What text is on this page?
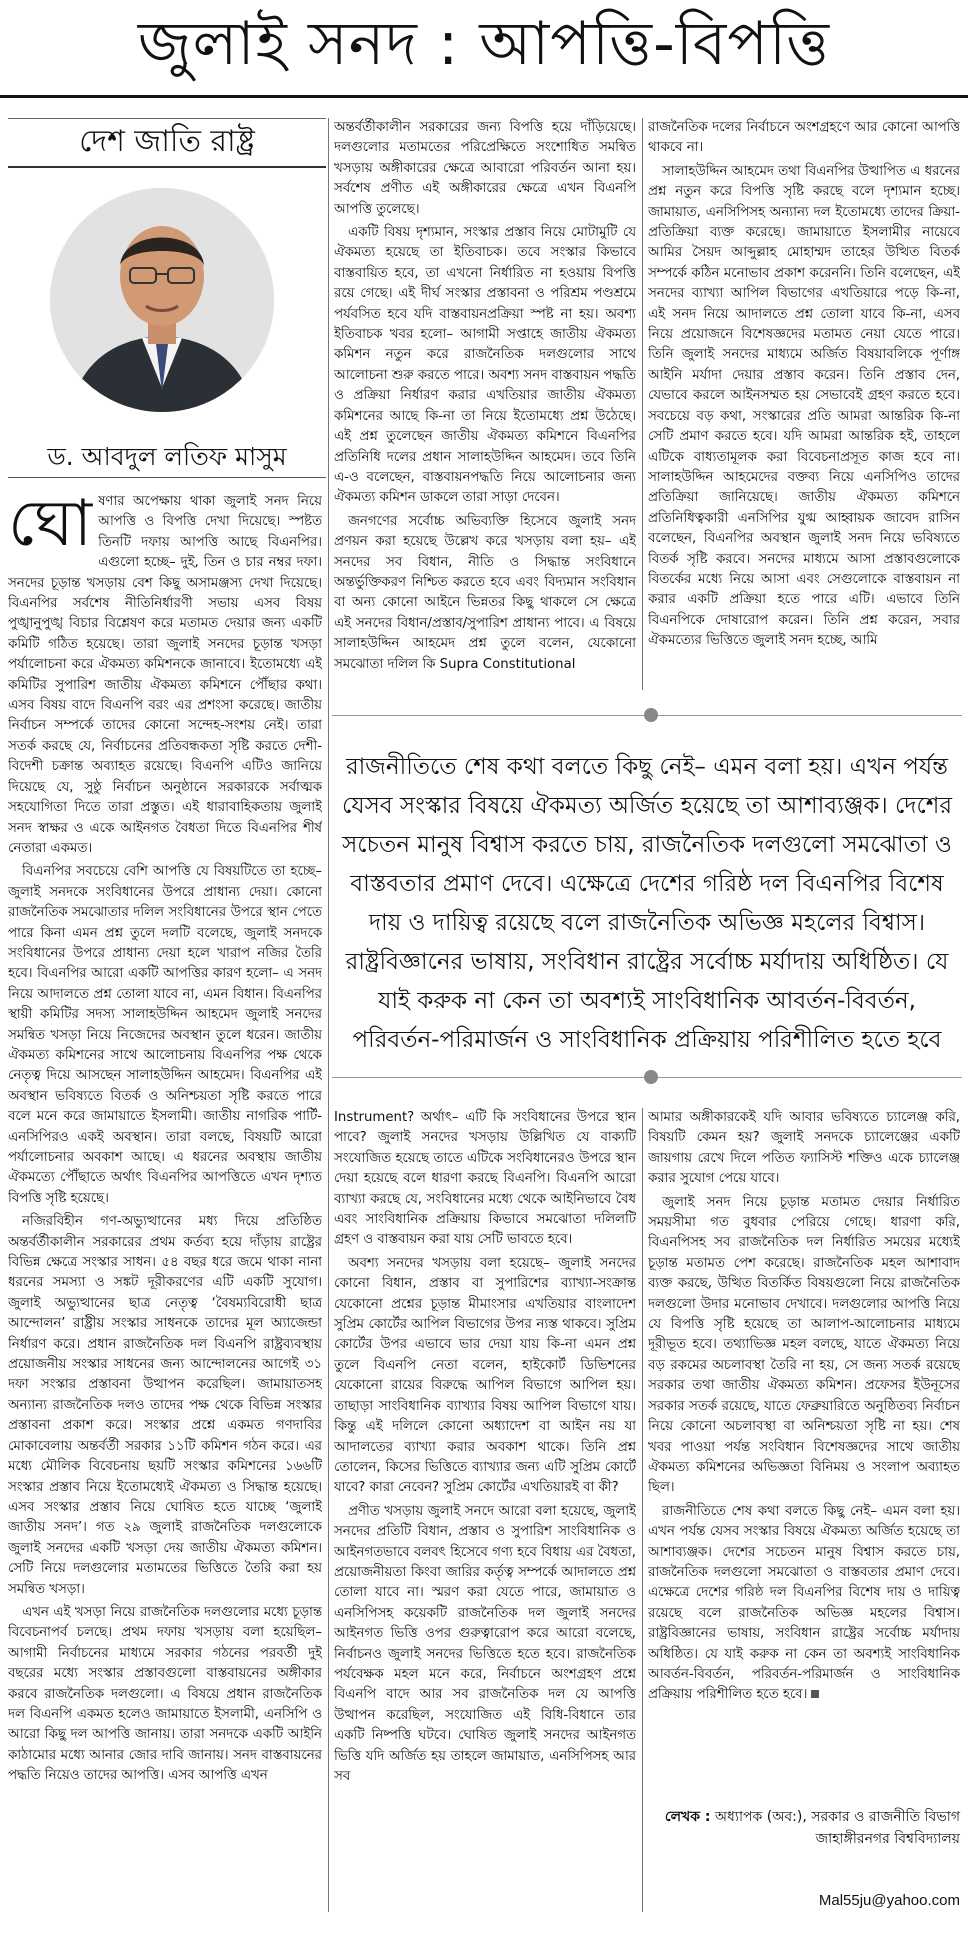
জুলাই সনদ : আপত্তি-বিপত্তি
দেশ জাতি রাষ্ট্র
ড. আবদুল লতিফ মাসুম

ঘোষণার অপেক্ষায় থাকা জুলাই সনদ নিয়ে আপত্তি ও বিপত্তি দেখা দিয়েছে। স্পষ্টত তিনটি দফায় আপত্তি আছে বিএনপির। এগুলো হচ্ছে– দুই, তিন ও চার নম্বর দফা। সনদের চূড়ান্ত খসড়ায় বেশ কিছু অসামঞ্জস্য দেখা দিয়েছে। বিএনপির সর্বশেষ নীতিনির্ধারণী সভায় এসব বিষয় পুঙ্খানুপুঙ্খ বিচার বিশ্লেষণ করে মতামত দেয়ার জন্য একটি কমিটি গঠিত হয়েছে। তারা জুলাই সনদের চূড়ান্ত খসড়া পর্যালোচনা করে ঐকমত্য কমিশনকে জানাবে। ইতোমধ্যে এই কমিটির সুপারিশ জাতীয় ঐকমত্য কমিশনে পৌঁছার কথা। এসব বিষয় বাদে বিএনপি বরং এর প্রশংসা করেছে। জাতীয় নির্বাচন সম্পর্কে তাদের কোনো সন্দেহ-সংশয় নেই। তারা সতর্ক করছে যে, নির্বাচনের প্রতিবন্ধকতা সৃষ্টি করতে দেশী-বিদেশী চক্রান্ত অব্যাহত রয়েছে। বিএনপি এটিও জানিয়ে দিয়েছে যে, সুষ্ঠু নির্বাচন অনুষ্ঠানে সরকারকে সর্বাত্মক সহযোগিতা দিতে তারা প্রস্তুত। এই ধারাবাহিকতায় জুলাই সনদ স্বাক্ষর ও একে আইনগত বৈধতা দিতে বিএনপির শীর্ষ নেতারা একমত।

বিএনপির সবচেয়ে বেশি আপত্তি যে বিষয়টিতে তা হচ্ছে– জুলাই সনদকে সংবিধানের উপরে প্রাধান্য দেয়া। কোনো রাজনৈতিক সমঝোতার দলিল সংবিধানের উপরে স্থান পেতে পারে কিনা এমন প্রশ্ন তুলে দলটি বলেছে, জুলাই সনদকে সংবিধানের উপরে প্রাধান্য দেয়া হলে খারাপ নজির তৈরি হবে। বিএনপির আরো একটি আপত্তির কারণ হলো– এ সনদ নিয়ে আদালতে প্রশ্ন তোলা যাবে না, এমন বিধান। বিএনপির স্থায়ী কমিটির সদস্য সালাহউদ্দিন আহমেদ জুলাই সনদের সমন্বিত খসড়া নিয়ে নিজেদের অবস্থান তুলে ধরেন। জাতীয় ঐকমত্য কমিশনের সাথে আলোচনায় বিএনপির পক্ষ থেকে নেতৃত্ব দিয়ে আসছেন সালাহউদ্দিন আহমেদ। বিএনপির এই অবস্থান ভবিষ্যতে বিতর্ক ও অনিশ্চয়তা সৃষ্টি করতে পারে বলে মনে করে জামায়াতে ইসলামী। জাতীয় নাগরিক পার্টি-এনসিপিরও একই অবস্থান। তারা বলছে, বিষয়টি আরো পর্যালোচনার অবকাশ আছে। এ ধরনের অবস্থায় জাতীয় ঐকমত্যে পৌঁছাতে অর্থাৎ বিএনপির আপত্তিতে এখন দৃশ্যত বিপত্তি সৃষ্টি হয়েছে।

নজিরবিহীন গণ-অভ্যুত্থানের মধ্য দিয়ে প্রতিষ্ঠিত অন্তর্বর্তীকালীন সরকারের প্রথম কর্তব্য হয়ে দাঁড়ায় রাষ্ট্রের বিভিন্ন ক্ষেত্রে সংস্কার সাধন। ৫৪ বছর ধরে জমে থাকা নানা ধরনের সমস্যা ও সঙ্কট দূরীকরণের এটি একটি সুযোগ। জুলাই অভ্যুত্থানের ছাত্র নেতৃত্ব ‘বৈষম্যবিরোধী ছাত্র আন্দোলন’ রাষ্ট্রীয় সংস্কার সাধনকে তাদের মূল অ্যাজেন্ডা নির্ধারণ করে। প্রধান রাজনৈতিক দল বিএনপি রাষ্ট্রব্যবস্থায় প্রয়োজনীয় সংস্কার সাধনের জন্য আন্দোলনের আগেই ৩১ দফা সংস্কার প্রস্তাবনা উত্থাপন করেছিল। জামায়াতসহ অন্যান্য রাজনৈতিক দলও তাদের পক্ষ থেকে বিভিন্ন সংস্কার প্রস্তাবনা প্রকাশ করে। সংস্কার প্রশ্নে একমত গণদাবির মোকাবেলায় অন্তর্বর্তী সরকার ১১টি কমিশন গঠন করে। এর মধ্যে মৌলিক বিবেচনায় ছয়টি সংস্কার কমিশনের ১৬৬টি সংস্কার প্রস্তাব নিয়ে ইতোমধ্যেই ঐকমত্য ও সিদ্ধান্ত হয়েছে। এসব সংস্কার প্রস্তাব নিয়ে ঘোষিত হতে যাচ্ছে ‘জুলাই জাতীয় সনদ’। গত ২৯ জুলাই রাজনৈতিক দলগুলোকে জুলাই সনদের একটি খসড়া দেয় জাতীয় ঐকমত্য কমিশন। সেটি নিয়ে দলগুলোর মতামতের ভিত্তিতে তৈরি করা হয় সমন্বিত খসড়া।

এখন এই খসড়া নিয়ে রাজনৈতিক দলগুলোর মধ্যে চূড়ান্ত বিবেচনাপর্ব চলছে। প্রথম দফায় খসড়ায় বলা হয়েছিল– আগামী নির্বাচনের মাধ্যমে সরকার গঠনের পরবর্তী দুই বছরের মধ্যে সংস্কার প্রস্তাবগুলো বাস্তবায়নের অঙ্গীকার করবে রাজনৈতিক দলগুলো। এ বিষয়ে প্রধান রাজনৈতিক দল বিএনপি একমত হলেও জামায়াতে ইসলামী, এনসিপি ও আরো কিছু দল আপত্তি জানায়। তারা সনদকে একটি আইনি কাঠামোর মধ্যে আনার জোর দাবি জানায়। সনদ বাস্তবায়নের পদ্ধতি নিয়েও তাদের আপত্তি। এসব আপত্তি এখন

অন্তর্বর্তীকালীন সরকারের জন্য বিপত্তি হয়ে দাঁড়িয়েছে। দলগুলোর মতামতের পরিপ্রেক্ষিতে সংশোধিত সমন্বিত খসড়ায় অঙ্গীকারের ক্ষেত্রে আবারো পরিবর্তন আনা হয়। সর্বশেষ প্রণীত এই অঙ্গীকারের ক্ষেত্রে এখন বিএনপি আপত্তি তুলেছে।

একটি বিষয় দৃশ্যমান, সংস্কার প্রস্তাব নিয়ে মোটামুটি যে ঐকমত্য হয়েছে তা ইতিবাচক। তবে সংস্কার কিভাবে বাস্তবায়িত হবে, তা এখনো নির্ধারিত না হওয়ায় বিপত্তি রয়ে গেছে। এই দীর্ঘ সংস্কার প্রস্তাবনা ও পরিশ্রম পণ্ডশ্রমে পর্যবসিত হবে যদি বাস্তবায়নপ্রক্রিয়া স্পষ্ট না হয়। অবশ্য ইতিবাচক খবর হলো– আগামী সপ্তাহে জাতীয় ঐকমত্য কমিশন নতুন করে রাজনৈতিক দলগুলোর সাথে আলোচনা শুরু করতে পারে। অবশ্য সনদ বাস্তবায়ন পদ্ধতি ও প্রক্রিয়া নির্ধারণ করার এখতিয়ার জাতীয় ঐকমত্য কমিশনের আছে কি-না তা নিয়ে ইতোমধ্যে প্রশ্ন উঠেছে। এই প্রশ্ন তুলেছেন জাতীয় ঐকমত্য কমিশনে বিএনপির প্রতিনিধি দলের প্রধান সালাহউদ্দিন আহমেদ। তবে তিনি এ-ও বলেছেন, বাস্তবায়নপদ্ধতি নিয়ে আলোচনার জন্য ঐকমত্য কমিশন ডাকলে তারা সাড়া দেবেন।

জনগণের সর্বোচ্চ অভিব্যক্তি হিসেবে জুলাই সনদ প্রণয়ন করা হয়েছে উল্লেখ করে খসড়ায় বলা হয়– এই সনদের সব বিধান, নীতি ও সিদ্ধান্ত সংবিধানে অন্তর্ভুক্তিকরণ নিশ্চিত করতে হবে এবং বিদ্যমান সংবিধান বা অন্য কোনো আইনে ভিন্নতর কিছু থাকলে সে ক্ষেত্রে এই সনদের বিধান/প্রস্তাব/সুপারিশ প্রাধান্য পাবে। এ বিষয়ে সালাহউদ্দিন আহমেদ প্রশ্ন তুলে বলেন, যেকোনো সমঝোতা দলিল কি Supra Constitutional

রাজনৈতিক দলের নির্বাচনে অংশগ্রহণে আর কোনো আপত্তি থাকবে না।

সালাহউদ্দিন আহমেদ তথা বিএনপির উত্থাপিত এ ধরনের প্রশ্ন নতুন করে বিপত্তি সৃষ্টি করছে বলে দৃশ্যমান হচ্ছে। জামায়াত, এনসিপিসহ অন্যান্য দল ইতোমধ্যে তাদের ক্রিয়া-প্রতিক্রিয়া ব্যক্ত করেছে। জামায়াতে ইসলামীর নায়েবে আমির সৈয়দ আব্দুল্লাহ মোহাম্মদ তাহের উত্থিত বিতর্ক সম্পর্কে কঠিন মনোভাব প্রকাশ করেননি। তিনি বলেছেন, এই সনদের ব্যাখ্যা আপিল বিভাগের এখতিয়ারে পড়ে কি-না, এই সনদ নিয়ে আদালতে প্রশ্ন তোলা যাবে কি-না, এসব নিয়ে প্রয়োজনে বিশেষজ্ঞদের মতামত নেয়া যেতে পারে। তিনি জুলাই সনদের মাধ্যমে অর্জিত বিষয়াবলিকে পূর্ণাঙ্গ আইনি মর্যাদা দেয়ার প্রস্তাব করেন। তিনি প্রস্তাব দেন, যেভাবে করলে আইনসম্মত হয় সেভাবেই গ্রহণ করতে হবে। সবচেয়ে বড় কথা, সংস্কারের প্রতি আমরা আন্তরিক কি-না সেটি প্রমাণ করতে হবে। যদি আমরা আন্তরিক হই, তাহলে এটিকে বাধ্যতামূলক করা বিবেচনাপ্রসূত কাজ হবে না। সালাহউদ্দিন আহমেদের বক্তব্য নিয়ে এনসিপিও তাদের প্রতিক্রিয়া জানিয়েছে। জাতীয় ঐকমত্য কমিশনে প্রতিনিধিত্বকারী এনসিপির যুগ্ম আহ্বায়ক জাবেদ রাসিন বলেছেন, বিএনপির অবস্থান জুলাই সনদ নিয়ে ভবিষ্যতে বিতর্ক সৃষ্টি করবে। সনদের মাধ্যমে আসা প্রস্তাবগুলোকে বিতর্কের মধ্যে নিয়ে আসা এবং সেগুলোকে বাস্তবায়ন না করার একটি প্রক্রিয়া হতে পারে এটি। এভাবে তিনি বিএনপিকে দোষারোপ করেন। তিনি প্রশ্ন করেন, সবার ঐকমত্যের ভিত্তিতে জুলাই সনদ হচ্ছে, আমি

রাজনীতিতে শেষ কথা বলতে কিছু নেই– এমন বলা হয়। এখন পর্যন্ত যেসব সংস্কার বিষয়ে ঐকমত্য অর্জিত হয়েছে তা আশাব্যঞ্জক। দেশের সচেতন মানুষ বিশ্বাস করতে চায়, রাজনৈতিক দলগুলো সমঝোতা ও বাস্তবতার প্রমাণ দেবে। এক্ষেত্রে দেশের গরিষ্ঠ দল বিএনপির বিশেষ দায় ও দায়িত্ব রয়েছে বলে রাজনৈতিক অভিজ্ঞ মহলের বিশ্বাস। রাষ্ট্রবিজ্ঞানের ভাষায়, সংবিধান রাষ্ট্রের সর্বোচ্চ মর্যাদায় অধিষ্ঠিত। যে যাই করুক না কেন তা অবশ্যই সাংবিধানিক আবর্তন-বিবর্তন, পরিবর্তন-পরিমার্জন ও সাংবিধানিক প্রক্রিয়ায় পরিশীলিত হতে হবে

Instrument? অর্থাৎ– এটি কি সংবিধানের উপরে স্থান পাবে? জুলাই সনদের খসড়ায় উল্লিখিত যে বাক্যটি সংযোজিত হয়েছে তাতে এটিকে সংবিধানেরও উপরে স্থান দেয়া হয়েছে বলে ধারণা করছে বিএনপি। বিএনপি আরো ব্যাখ্যা করছে যে, সংবিধানের মধ্যে থেকে আইনিভাবে বৈধ এবং সাংবিধানিক প্রক্রিয়ায় কিভাবে সমঝোতা দলিলটি গ্রহণ ও বাস্তবায়ন করা যায় সেটি ভাবতে হবে।

অবশ্য সনদের খসড়ায় বলা হয়েছে– জুলাই সনদের কোনো বিধান, প্রস্তাব বা সুপারিশের ব্যাখ্যা-সংক্রান্ত যেকোনো প্রশ্নের চূড়ান্ত মীমাংসার এখতিয়ার বাংলাদেশ সুপ্রিম কোর্টের আপিল বিভাগের উপর ন্যস্ত থাকবে। সুপ্রিম কোর্টের উপর এভাবে ভার দেয়া যায় কি-না এমন প্রশ্ন তুলে বিএনপি নেতা বলেন, হাইকোর্ট ডিভিশনের যেকোনো রায়ের বিরুদ্ধে আপিল বিভাগে আপিল হয়। তাছাড়া সাংবিধানিক ব্যাখ্যার বিষয় আপিল বিভাগে যায়। কিন্তু এই দলিলে কোনো অধ্যাদেশ বা আইন নয় যা আদালতের ব্যাখ্যা করার অবকাশ থাকে। তিনি প্রশ্ন তোলেন, কিসের ভিত্তিতে ব্যাখ্যার জন্য এটি সুপ্রিম কোর্টে যাবে? কারা নেবেন? সুপ্রিম কোর্টের এখতিয়ারই বা কী?

প্রণীত খসড়ায় জুলাই সনদে আরো বলা হয়েছে, জুলাই সনদের প্রতিটি বিধান, প্রস্তাব ও সুপারিশ সাংবিধানিক ও আইনগতভাবে বলবৎ হিসেবে গণ্য হবে বিধায় এর বৈধতা, প্রয়োজনীয়তা কিংবা জারির কর্তৃত্ব সম্পর্কে আদালতে প্রশ্ন তোলা যাবে না। স্মরণ করা যেতে পারে, জামায়াত ও এনসিপিসহ কয়েকটি রাজনৈতিক দল জুলাই সনদের আইনগত ভিত্তি ওপর গুরুত্বারোপ করে আরো বলেছে, নির্বাচনও জুলাই সনদের ভিত্তিতে হতে হবে। রাজনৈতিক পর্যবেক্ষক মহল মনে করে, নির্বাচনে অংশগ্রহণ প্রশ্নে বিএনপি বাদে আর সব রাজনৈতিক দল যে আপত্তি উত্থাপন করেছিল, সংযোজিত এই বিধি-বিধানে তার একটি নিষ্পত্তি ঘটবে। ঘোষিত জুলাই সনদের আইনগত ভিত্তি যদি অর্জিত হয় তাহলে জামায়াত, এনসিপিসহ আর সব

আমার অঙ্গীকারকেই যদি আবার ভবিষ্যতে চ্যালেঞ্জ করি, বিষয়টি কেমন হয়? জুলাই সনদকে চ্যালেঞ্জের একটি জায়গায় রেখে দিলে পতিত ফ্যাসিস্ট শক্তিও একে চ্যালেঞ্জ করার সুযোগ পেয়ে যাবে।

জুলাই সনদ নিয়ে চূড়ান্ত মতামত দেয়ার নির্ধারিত সময়সীমা গত বুধবার পেরিয়ে গেছে। ধারণা করি, বিএনপিসহ সব রাজনৈতিক দল নির্ধারিত সময়ের মধ্যেই চূড়ান্ত মতামত পেশ করেছে। রাজনৈতিক মহল আশাবাদ ব্যক্ত করছে, উত্থিত বিতর্কিত বিষয়গুলো নিয়ে রাজনৈতিক দলগুলো উদার মনোভাব দেখাবে। দলগুলোর আপত্তি নিয়ে যে বিপত্তি সৃষ্টি হয়েছে তা আলাপ-আলোচনার মাধ্যমে দূরীভূত হবে। তথ্যাভিজ্ঞ মহল বলছে, যাতে ঐকমত্য নিয়ে বড় রকমের অচলাবস্থা তৈরি না হয়, সে জন্য সতর্ক রয়েছে সরকার তথা জাতীয় ঐকমত্য কমিশন। প্রফেসর ইউনূসের সরকার সতর্ক রয়েছে, যাতে ফেব্রুয়ারিতে অনুষ্ঠিতব্য নির্বাচন নিয়ে কোনো অচলাবস্থা বা অনিশ্চয়তা সৃষ্টি না হয়। শেষ খবর পাওয়া পর্যন্ত সংবিধান বিশেষজ্ঞদের সাথে জাতীয় ঐকমত্য কমিশনের অভিজ্ঞতা বিনিময় ও সংলাপ অব্যাহত ছিল।

রাজনীতিতে শেষ কথা বলতে কিছু নেই– এমন বলা হয়। এখন পর্যন্ত যেসব সংস্কার বিষয়ে ঐকমত্য অর্জিত হয়েছে তা আশাব্যঞ্জক। দেশের সচেতন মানুষ বিশ্বাস করতে চায়, রাজনৈতিক দলগুলো সমঝোতা ও বাস্তবতার প্রমাণ দেবে। এক্ষেত্রে দেশের গরিষ্ঠ দল বিএনপির বিশেষ দায় ও দায়িত্ব রয়েছে বলে রাজনৈতিক অভিজ্ঞ মহলের বিশ্বাস। রাষ্ট্রবিজ্ঞানের ভাষায়, সংবিধান রাষ্ট্রের সর্বোচ্চ মর্যাদায় অধিষ্ঠিত। যে যাই করুক না কেন তা অবশ্যই সাংবিধানিক আবর্তন-বিবর্তন, পরিবর্তন-পরিমার্জন ও সাংবিধানিক প্রক্রিয়ায় পরিশীলিত হতে হবে।

লেখক : অধ্যাপক (অব:), সরকার ও রাজনীতি বিভাগ জাহাঙ্গীরনগর বিশ্ববিদ্যালয়
Mal55ju@yahoo.com
